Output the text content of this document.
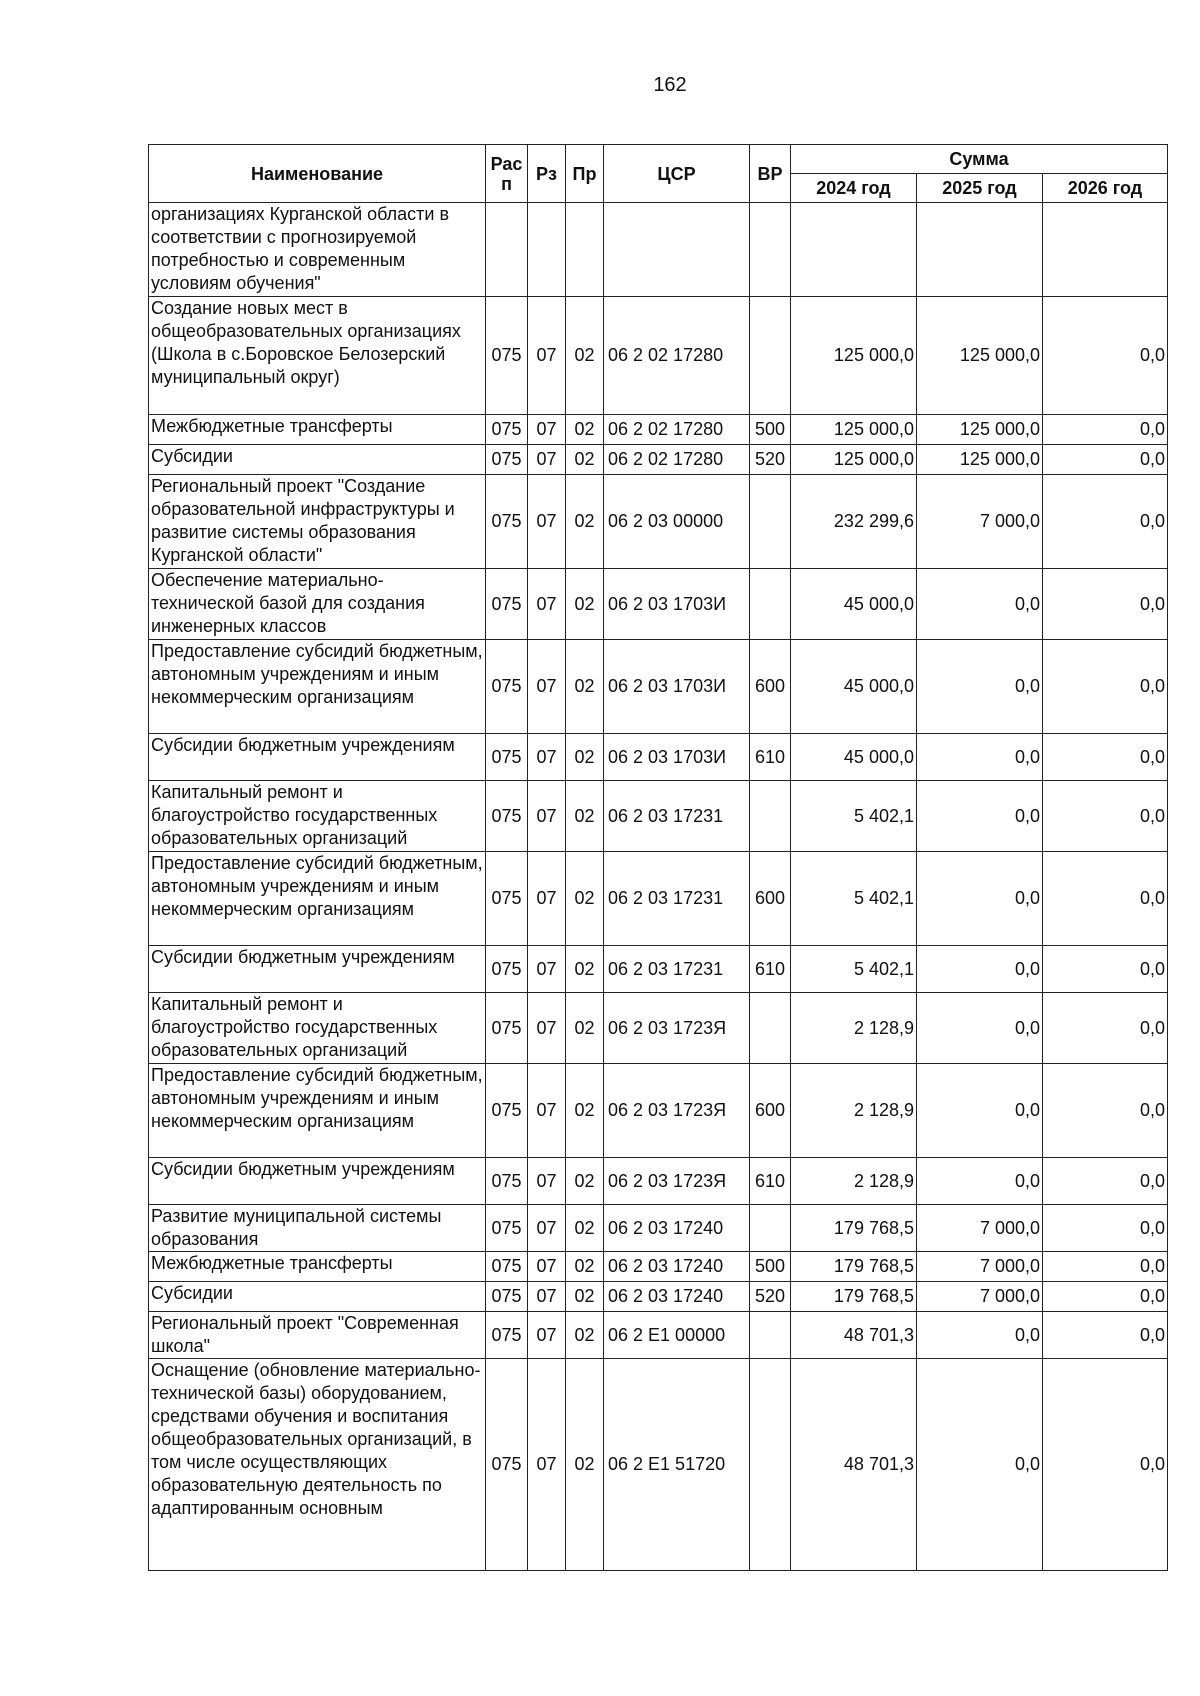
162
Наименование	Рас п	Рз	Пр	ЦСР	ВР	Сумма		
						2024 год	2025 год	2026 год
организациях Курганской области в соответствии с прогнозируемой потребностью и современным условиям обучения"								
Создание новых мест в общеобразовательных организациях (Школа в с.Боровское Белозерский муниципальный округ)	075	07	02	06 2 02 17280		125 000,0	125 000,0	0,0
Межбюджетные трансферты	075	07	02	06 2 02 17280	500	125 000,0	125 000,0	0,0
Субсидии	075	07	02	06 2 02 17280	520	125 000,0	125 000,0	0,0
Региональный проект "Создание образовательной инфраструктуры и развитие системы образования Курганской области"	075	07	02	06 2 03 00000		232 299,6	7 000,0	0,0
Обеспечение материально-технической базой для создания инженерных классов	075	07	02	06 2 03 1703И		45 000,0	0,0	0,0
Предоставление субсидий бюджетным, автономным учреждениям и иным некоммерческим организациям	075	07	02	06 2 03 1703И	600	45 000,0	0,0	0,0
Субсидии бюджетным учреждениям	075	07	02	06 2 03 1703И	610	45 000,0	0,0	0,0
Капитальный ремонт и благоустройство государственных образовательных организаций	075	07	02	06 2 03 17231		5 402,1	0,0	0,0
Предоставление субсидий бюджетным, автономным учреждениям и иным некоммерческим организациям	075	07	02	06 2 03 17231	600	5 402,1	0,0	0,0
Субсидии бюджетным учреждениям	075	07	02	06 2 03 17231	610	5 402,1	0,0	0,0
Капитальный ремонт и благоустройство государственных образовательных организаций	075	07	02	06 2 03 1723Я		2 128,9	0,0	0,0
Предоставление субсидий бюджетным, автономным учреждениям и иным некоммерческим организациям	075	07	02	06 2 03 1723Я	600	2 128,9	0,0	0,0
Субсидии бюджетным учреждениям	075	07	02	06 2 03 1723Я	610	2 128,9	0,0	0,0
Развитие муниципальной системы образования	075	07	02	06 2 03 17240		179 768,5	7 000,0	0,0
Межбюджетные трансферты	075	07	02	06 2 03 17240	500	179 768,5	7 000,0	0,0
Субсидии	075	07	02	06 2 03 17240	520	179 768,5	7 000,0	0,0
Региональный проект "Современная школа"	075	07	02	06 2 E1 00000		48 701,3	0,0	0,0
Оснащение (обновление материально-технической базы) оборудованием, средствами обучения и воспитания общеобразовательных организаций, в том числе осуществляющих образовательную деятельность по адаптированным основным	075	07	02	06 2 E1 51720		48 701,3	0,0	0,0
